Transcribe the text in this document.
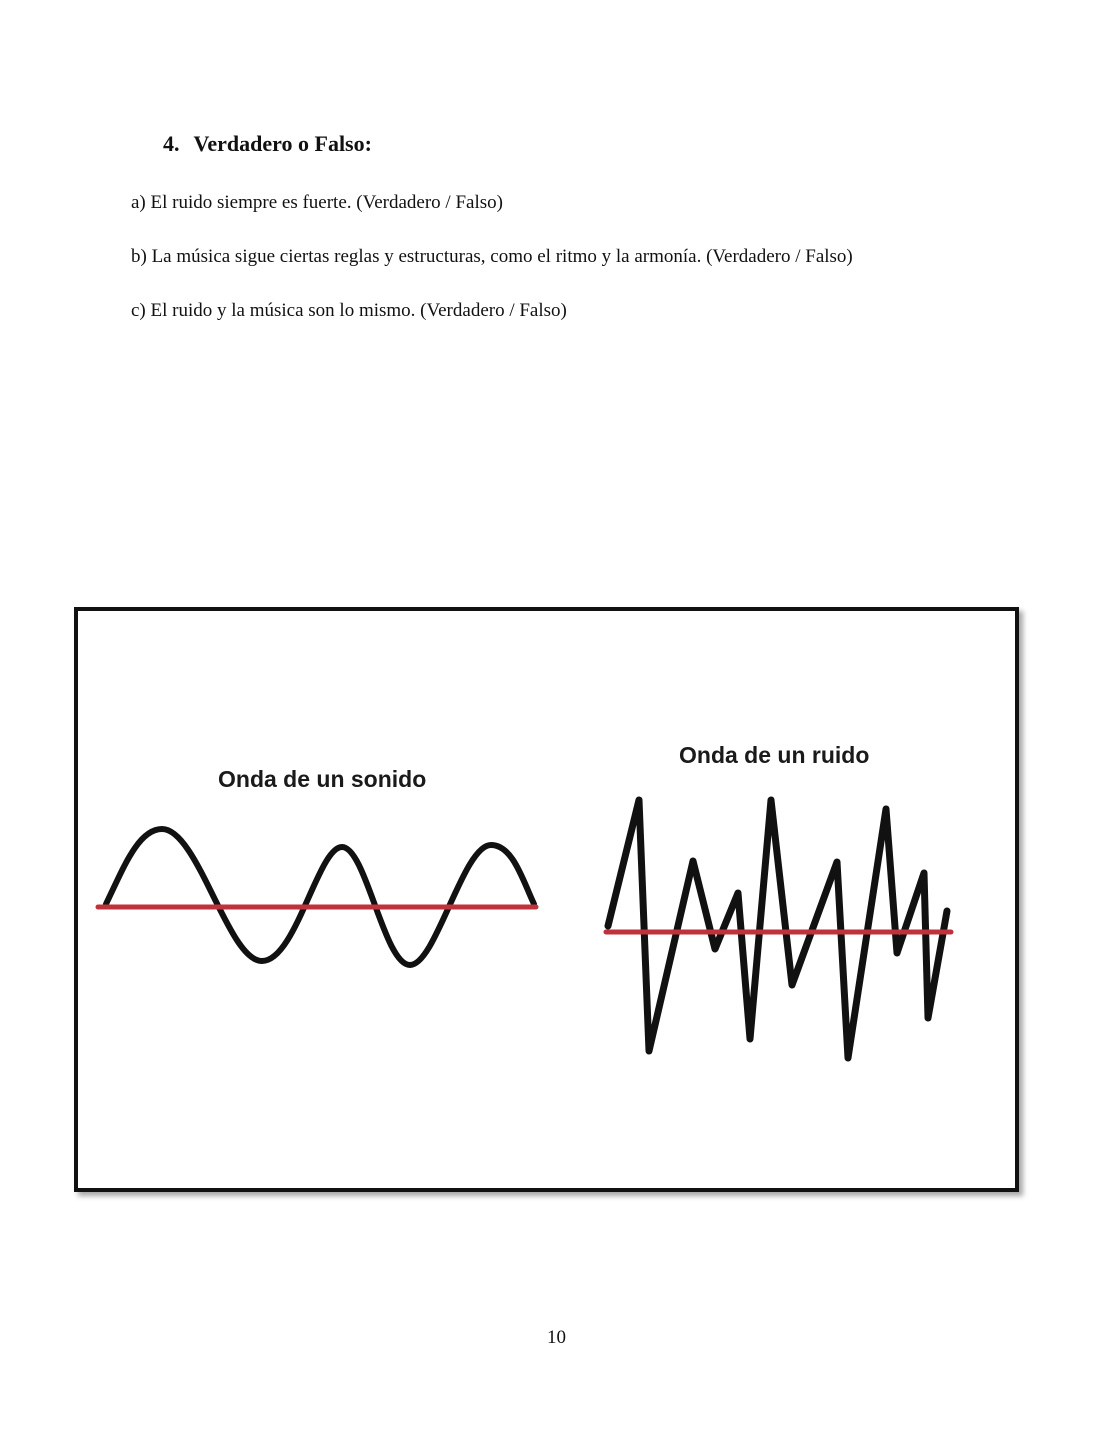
4. Verdadero o Falso:

a) El ruido siempre es fuerte. (Verdadero / Falso)

b) La música sigue ciertas reglas y estructuras, como el ritmo y la armonía. (Verdadero / Falso)

c) El ruido y la música son lo mismo. (Verdadero / Falso)

Onda de un sonido
Onda de un ruido

10
